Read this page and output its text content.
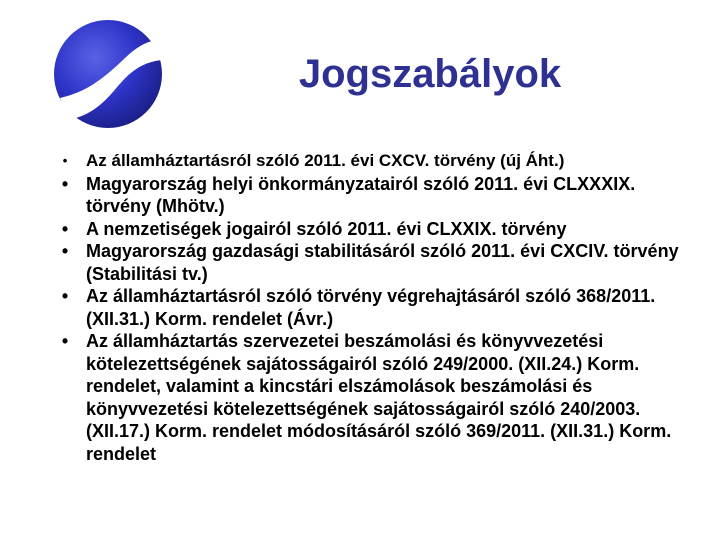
Jogszabályok
• Az államháztartásról szóló 2011. évi CXCV. törvény (új Áht.)
• Magyarország helyi önkormányzatairól szóló 2011. évi CLXXXIX. törvény (Mhötv.)
• A nemzetiségek jogairól szóló 2011. évi CLXXIX. törvény
• Magyarország gazdasági stabilitásáról szóló 2011. évi CXCIV. törvény (Stabilitási tv.)
• Az államháztartásról szóló törvény végrehajtásáról szóló 368/2011. (XII.31.) Korm. rendelet (Ávr.)
• Az államháztartás szervezetei beszámolási és könyvvezetési kötelezettségének sajátosságairól szóló 249/2000. (XII.24.) Korm. rendelet, valamint a kincstári elszámolások beszámolási és könyvvezetési kötelezettségének sajátosságairól szóló 240/2003. (XII.17.) Korm. rendelet módosításáról szóló 369/2011. (XII.31.) Korm. rendelet
